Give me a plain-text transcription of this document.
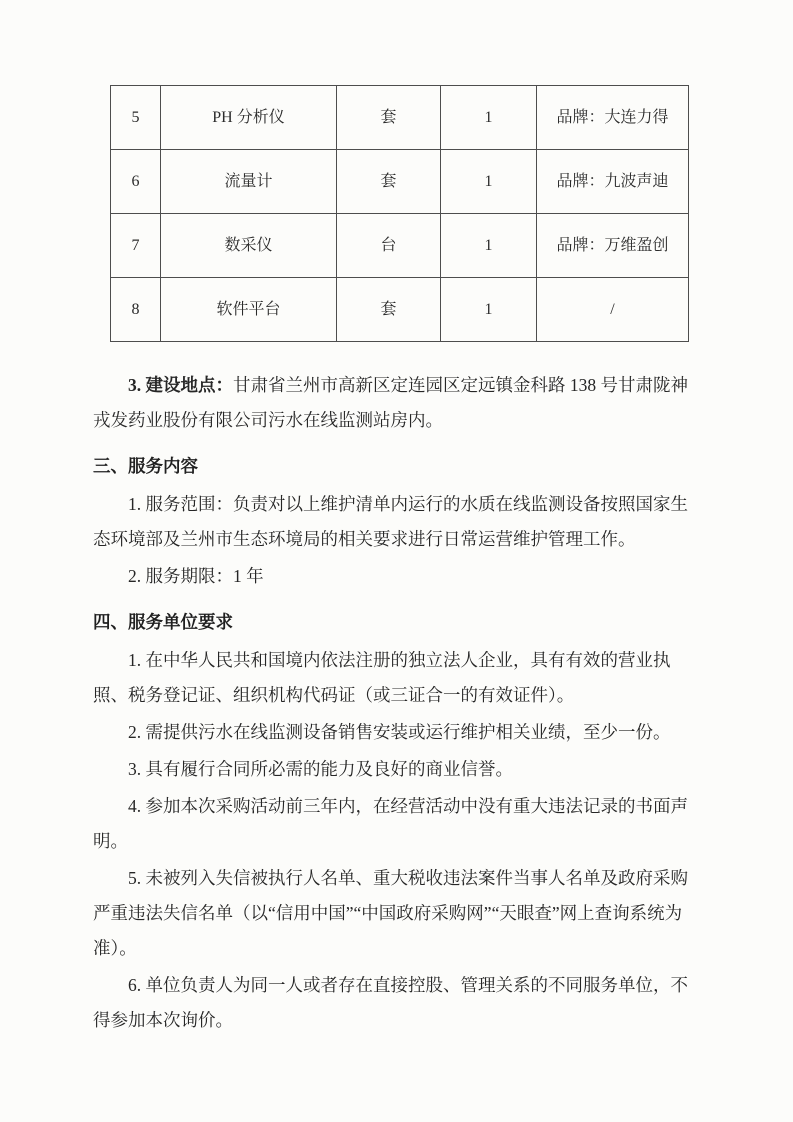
5	PH 分析仪	套	1	品牌：大连力得
6	流量计	套	1	品牌：九波声迪
7	数采仪	台	1	品牌：万维盈创
8	软件平台	套	1	/

3. 建设地点：甘肃省兰州市高新区定连园区定远镇金科路 138 号甘肃陇神戎发药业股份有限公司污水在线监测站房内。

三、服务内容

1. 服务范围：负责对以上维护清单内运行的水质在线监测设备按照国家生态环境部及兰州市生态环境局的相关要求进行日常运营维护管理工作。

2. 服务期限：1 年

四、服务单位要求

1. 在中华人民共和国境内依法注册的独立法人企业，具有有效的营业执照、税务登记证、组织机构代码证（或三证合一的有效证件）。

2. 需提供污水在线监测设备销售安装或运行维护相关业绩，至少一份。

3. 具有履行合同所必需的能力及良好的商业信誉。

4. 参加本次采购活动前三年内，在经营活动中没有重大违法记录的书面声明。

5. 未被列入失信被执行人名单、重大税收违法案件当事人名单及政府采购严重违法失信名单（以“信用中国”“中国政府采购网”“天眼查”网上查询系统为准）。

6. 单位负责人为同一人或者存在直接控股、管理关系的不同服务单位，不得参加本次询价。
